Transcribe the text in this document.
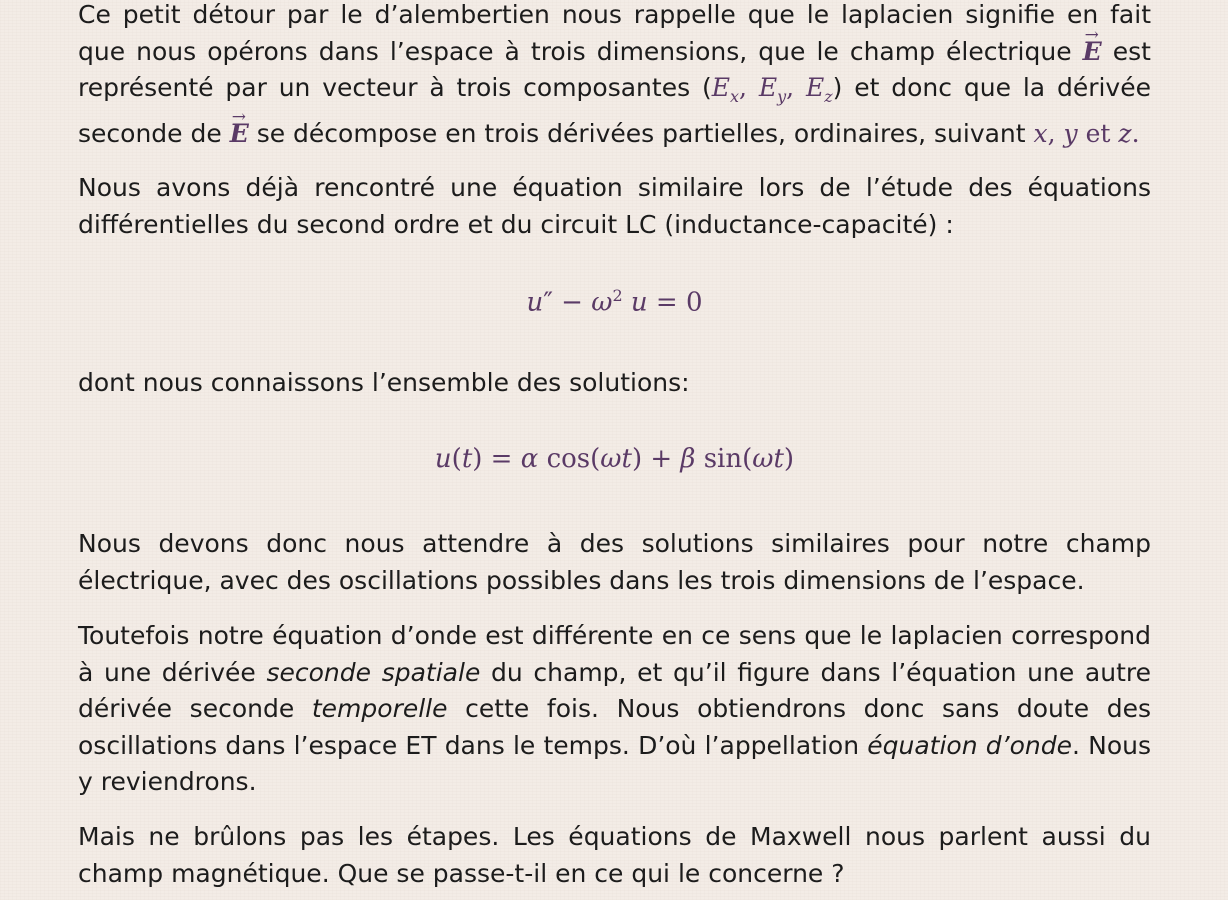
Ce petit détour par le d’alembertien nous rappelle que le laplacien signifie en fait que nous opérons dans l’espace à trois dimensions, que le champ électrique → E est représenté par un vecteur à trois composantes ($E_x$, $E_y$, $E_z$) et donc que la dérivée seconde de → E se décompose en trois dérivées partielles, ordinaires, suivant x, y et z.

Nous avons déjà rencontré une équation similaire lors de l’étude des équations différentielles du second ordre et du circuit LC (inductance-capacité) :

$u'' - \omega^2$ u = 0

dont nous connaissons l’ensemble des solutions:

u(t) = α cos(ωt) + β sin(ωt)

Nous devons donc nous attendre à des solutions similaires pour notre champ électrique, avec des oscillations possibles dans les trois dimensions de l’espace.

Toutefois notre équation d’onde est différente en ce sens que le laplacien correspond à une dérivée seconde spatiale du champ, et qu’il figure dans l’équation une autre dérivée seconde temporelle cette fois. Nous obtiendrons donc sans doute des oscillations dans l’espace ET dans le temps. D’où l’appellation équation d’onde. Nous y reviendrons.

Mais ne brûlons pas les étapes. Les équations de Maxwell nous parlent aussi du champ magnétique. Que se passe-t-il en ce qui le concerne ?
